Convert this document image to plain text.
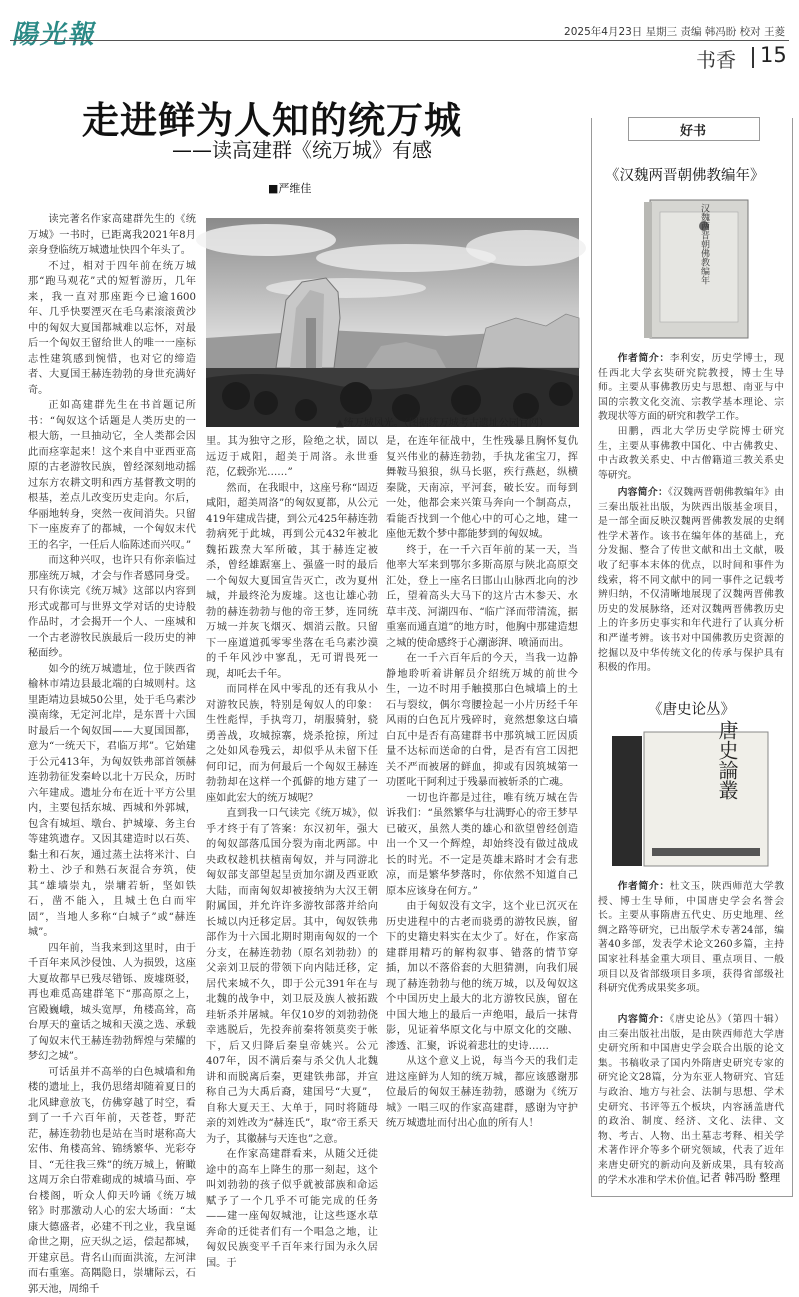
陽光報	2025年4月23日 星期三 责编 韩冯盼 校对 王菱
书香 15
走进鲜为人知的统万城
——读高建群《统万城》有感
■严维佳
▲统万城风光。（图据统万城考古遗址公园官网）

读完著名作家高建群先生的《统万城》一书时，已距离我2021年8月亲身登临统万城遗址快四个年头了。

不过，相对于四年前在统万城那“跑马观花”式的短暂游历，几年来，我一直对那座距今已逾1600年、几乎快要湮灭在毛乌素滚滚黄沙中的匈奴大夏国都城难以忘怀，对最后一个匈奴王留给世人的唯一一座标志性建筑感到惋惜，也对它的缔造者、大夏国王赫连勃勃的身世充满好奇。

正如高建群先生在书首题记所书：“匈奴这个话题是人类历史的一根大筋，一旦抽动它，全人类都会因此而痉挛起来！这个来自中亚西亚高原的古老游牧民族，曾经深刻地动摇过东方农耕文明和西方基督教文明的根基，差点儿改变历史走向。尔后，华丽地转身，突然一夜间消失。只留下一座废弃了的都城，一个匈奴末代王的名字，一任后人临陈述而兴叹。”

而这种兴叹，也许只有你亲临过那座统万城，才会与作者感同身受。只有你读完《统万城》这部以内容到形式或都可与世界文学对话的史诗般作品时，才会揭开一个人、一座城和一个古老游牧民族最后一段历史的神秘面纱。

如今的统万城遗址，位于陕西省榆林市靖边县最北端的白城则村。这里距靖边县城50公里，处于毛乌素沙漠南缘，无定河北岸，是东晋十六国时最后一个匈奴国——大夏国国都，意为“一统天下，君临万邦”。它始建于公元413年，为匈奴铁弗部首领赫连勃勃征发秦岭以北十万民众，历时六年建成。遗址分布在近十平方公里内，主要包括东城、西城和外郭城，包含有城垣、墩台、护城壕、务主台等建筑遗存。又因其建造时以石英、黏土和石灰，通过蒸土法将米汁、白粉土、沙子和熟石灰混合夯筑，使其“雄墙崇丸，崇墉若斩，坚如铁石，凿不能入，且城土色白而牢固”，当地人多称“白城子”或“赫连城”。

四年前，当我来到这里时，由于千百年来风沙侵蚀、人为损毁，这座大夏故都早已残尽错铄、废墟斑驳，再也难觅高建群笔下“那高原之上，宫殿巍峨，城头宽厚，角楼高耸，高台厚天的童话之城和天漠之选、承载了匈奴末代王赫连勃勃辉煌与荣耀的梦幻之城”。

可话虽并不高举的白色城墙和角楼的遗址上，我仍思绪却随着夏日的北风肆意放飞，仿佛穿越了时空，看到了一千六百年前，天苍苍，野茫茫，赫连勃勃也是站在当时堪称高大宏伟、角楼高耸、锦绣繁华、光彩夺目、“无往我三殊”的统万城上，俯瞰这周万余白带难砌成的城墙马面、亭台楼阁，听众人仰天吟诵《统万城铭》时那激动人心的宏大场面：“太康大德盛者，必建不刊之业，我皇诞命世之期，应天纵之运，偿起都城，开建京邑。背名山而面洪流，左河津而右重塞。高隅隐日，崇墉际云，石郭天池，周绵千

里。其为独守之形，险绝之状，固以远迈于咸阳，超美于周洛。永世垂范，亿载弥光……”

然而，在我眼中，这座号称“固迈咸阳，超美周洛”的匈奴夏都，从公元419年建成告捷，到公元425年赫连勃勃病死于此城，再到公元432年被北魏拓跋焘大军所破，其于赫连定被杀，曾经雄踞塞上、强盛一时的最后一个匈奴大夏国宣告灭亡，改为夏州城，并最终沦为废墟。这也让雄心勃勃的赫连勃勃与他的帝王梦，连同统万城一并灰飞烟灭、烟消云散。只留下一座道道孤零零坐落在毛乌素沙漠的千年风沙中寥乱，无可谓畏死一现，却吒去千年。

而同样在风中零乱的还有我从小对游牧民族，特别是匈奴人的印象：生性彪悍，手执弯刀，胡服骑射，骁勇善战，攻城掠寨，烧杀抢掠，所过之处如风卷残云，却似乎从未留下任何印记，而为何最后一个匈奴王赫连勃勃却在这样一个孤僻的地方建了一座如此宏大的统万城呢？

直到我一口气读完《统万城》，似乎才终于有了答案：东汉初年，强大的匈奴部落瓜国分裂为南北两部。中央政权趁机扶植南匈奴，并与同游北匈奴部支部望起呈贡加尔湖及西亚欧大陆，而南匈奴却被接纳为大汉王朝附属国，并允许许多游牧部落并给向长城以内迁移定居。其中，匈奴铁弗部作为十六国北期时期南匈奴的一个分支，在赫连勃勃（原名刘勃勃）的父亲刘卫辰的带领下向内陆迁移，定居代来城不久，即于公元391年在与北魏的战争中，刘卫辰及族人被拓跋珪斩杀并屠城。年仅10岁的刘勃勃侥幸逃脱后，先投奔前秦将领莫奕于帐下，后又归降后秦皇帝姚兴。公元407年，因不满后秦与杀父仇人北魏讲和而脱离后秦，更建铁弗部，并宣称自己为大禹后裔，建国号“大夏”，自称大夏天王、大单于，同时将随母亲的刘姓改为“赫连氏”，取“帝王系天为子，其徽赫与天连也”之意。

在作家高建群看来，从随父迁徙途中的高车上降生的那一刻起，这个叫刘勃勃的孩子似乎就被部族和命运赋予了一个几乎不可能完成的任务——建一座匈奴城池，让这些逐水草奔命的迁徙者们有一个唱急之地，让匈奴民族变平千百年来行国为永久居国。于

是，在连年征战中，生性残暴且胸怀复仇复兴伟业的赫连勃勃，手执龙雀宝刀，挥舞鞍马狼狼，纵马长驱，疾行燕赵，纵横秦陇，天南凉，平河套，破长安。而每到一处，他都会来兴策马奔向一个制高点，看能否找到一个他心中的可心之地，建一座他无数个梦中都能梦到的匈奴城。

终于，在一千六百年前的某一天，当他率大军来到鄂尔多斯高原与陕北高原交汇处，登上一座名曰邯山山脉西北向的沙丘，望着高头大马下的这片古木参天、水草丰茂、河湖四布、“临广泽而带清流，据重塞而通直道”的地方时，他胸中那建造想之城的使命感终于心潮澎湃、喷涌而出。

在一千六百年后的今天，当我一边静静地聆听着讲解员介绍统万城的前世今生，一边不时用手触摸那白色城墙上的土石与裂纹，偶尔弯腰捡起一小片历经千年风雨的白色瓦片残碎时，竟然想象这白墙白瓦中是否有高建群书中那筑城工匠因质量不达标而送命的白骨，是否有宫工因把关不严而被屠的鲜血，抑或有因筑城第一功匿叱干阿利过于残暴而被斩杀的亡魂。

一切也许都是过往，唯有统万城在告诉我们：“虽然繁华与壮满野心的帝王梦早已破灭，虽然人类的雄心和欲望曾经创造出一个又一个辉煌，却始终没有做过战成长的时光。不一定是英雄末路时才会有悲凉，而是繁华梦落时，你依然不知道自己原本应该身在何方。”

由于匈奴没有文字，这个业已沉灭在历史进程中的古老而骁勇的游牧民族，留下的史籍史料实在太少了。好在，作家高建群用精巧的解构叙事、错落的情节穿插，加以不落俗套的大胆猜测，向我们展现了赫连勃勃与他的统万城，以及匈奴这个中国历史上最大的北方游牧民族，留在中国大地上的最后一声绝唱，最后一抹背影，见证着华原文化与中原文化的交融、渗透、汇聚，诉说着悲壮的史诗……

从这个意义上说，每当今天的我们走进这座鲜为人知的统万城，都应该感谢那位最后的匈奴王赫连勃勃，感谢为《统万城》一唱三叹的作家高建群，感谢为守护统万城遗址而付出心血的所有人！

好书
《汉魏两晋朝佛教编年》
汉魏两晋朝佛教编年

作者简介：李利安，历史学博士，现任西北大学玄奘研究院教授，博士生导师。主要从事佛教历史与思想、南亚与中国的宗教文化交流、宗教学基本理论、宗教现状等方面的研究和教学工作。

田鹏，西北大学历史学院博士研究生，主要从事佛教中国化、中古佛教史、中古政教关系史、中古僧籍道三教关系史等研究。

内容简介：《汉魏两晋朝佛教编年》由三秦出版社出版，为陕西出版基金项目，是一部全面反映汉魏两晋佛教发展的史纲性学术著作。该书在编年体的基础上，充分发掘、整合了传世文献和出土文献，吸收了纪事本末体的优点，以时间和事件为线索，将不同文献中的同一事件之记载考辨归纳，不仅清晰地展现了汉魏两晋佛教历史的发展脉络，还对汉魏两晋佛教历史上的许多历史事实和年代进行了认真分析和严谨考辨。该书对中国佛教历史资源的挖掘以及中华传统文化的传承与保护具有积极的作用。

《唐史论丛》
唐史論叢

作者简介：杜文玉，陕西师范大学教授、博士生导师，中国唐史学会名誉会长。主要从事隋唐五代史、历史地理、丝绸之路等研究，已出版学术专著24部，编著40多部，发表学术论文260多篇，主持国家社科基金重大项目、重点项目、一般项目以及省部级项目多项，获得省部级社科研究优秀成果奖多项。

内容简介：《唐史论丛》（第四十辑）由三秦出版社出版，是由陕西师范大学唐史研究所和中国唐史学会联合出版的论文集。书稿收录了国内外隋唐史研究专家的研究论文28篇，分为东亚人物研究、官廷与政治、地方与社会、法制与思想、学术史研究、书评等五个板块，内容涵盖唐代的政治、制度、经济、文化、法律、文物、考古、人物、出土墓志考释、相关学术著作评介等多个研究领域，代表了近年来唐史研究的新动向及新成果，具有较高的学术水准和学术价值。

记者 韩冯盼 整理
